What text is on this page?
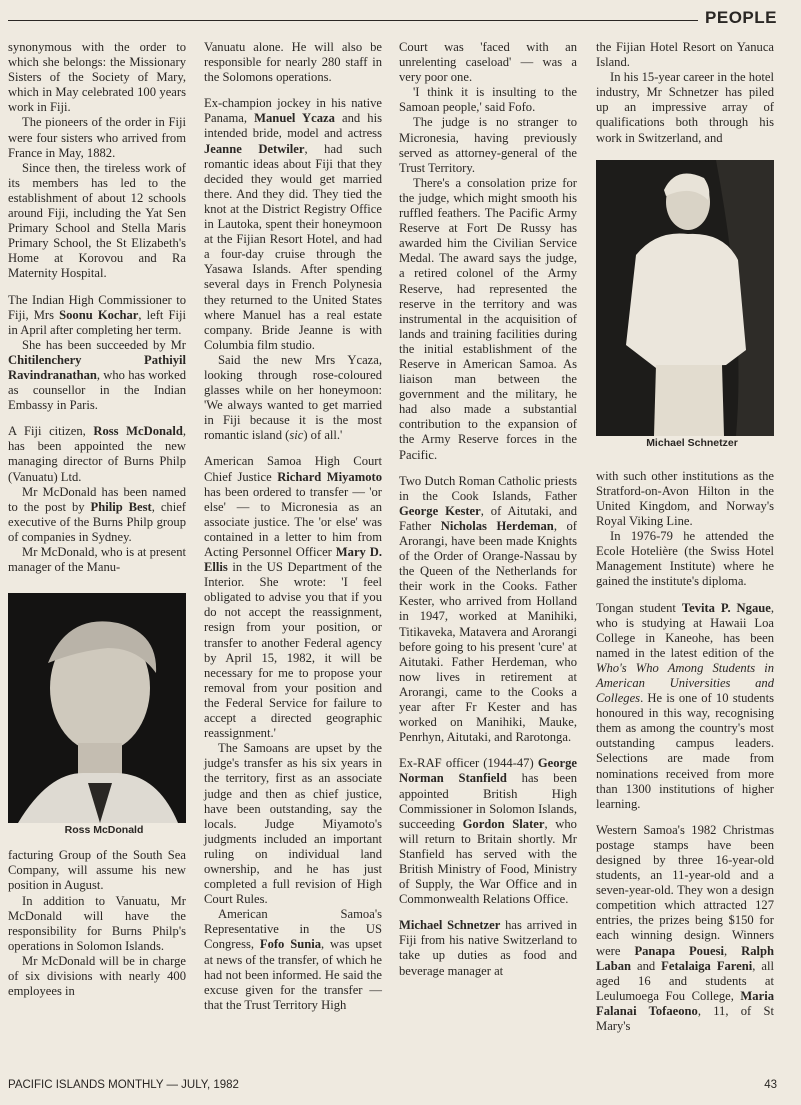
PEOPLE

synonymous with the order to which she belongs: the Missionary Sisters of the Society of Mary, which in May celebrated 100 years work in Fiji.

The pioneers of the order in Fiji were four sisters who arrived from France in May, 1882.

Since then, the tireless work of its members has led to the establishment of about 12 schools around Fiji, including the Yat Sen Primary School and Stella Maris Primary School, the St Elizabeth's Home at Korovou and Ra Maternity Hospital.

The Indian High Commissioner to Fiji, Mrs Soonu Kochar, left Fiji in April after completing her term.

She has been succeeded by Mr Chitilenchery Pathiyil Ravindranathan, who has worked as counsellor in the Indian Embassy in Paris.

A Fiji citizen, Ross McDonald, has been appointed the new managing director of Burns Philp (Vanuatu) Ltd.

Mr McDonald has been named to the post by Philip Best, chief executive of the Burns Philp group of companies in Sydney.

Mr McDonald, who is at present manager of the Manu-

Ross McDonald

facturing Group of the South Sea Company, will assume his new position in August.

In addition to Vanuatu, Mr McDonald will have the responsibility for Burns Philp's operations in Solomon Islands.

Mr McDonald will be in charge of six divisions with nearly 400 employees in

Vanuatu alone. He will also be responsible for nearly 280 staff in the Solomons operations.

Ex-champion jockey in his native Panama, Manuel Ycaza and his intended bride, model and actress Jeanne Detwiler, had such romantic ideas about Fiji that they decided they would get married there. And they did. They tied the knot at the District Registry Office in Lautoka, spent their honeymoon at the Fijian Resort Hotel, and had a four-day cruise through the Yasawa Islands. After spending several days in French Polynesia they returned to the United States where Manuel has a real estate company. Bride Jeanne is with Columbia film studio.

Said the new Mrs Ycaza, looking through rose-coloured glasses while on her honeymoon: 'We always wanted to get married in Fiji because it is the most romantic island (sic) of all.'

American Samoa High Court Chief Justice Richard Miyamoto has been ordered to transfer — 'or else' — to Micronesia as an associate justice. The 'or else' was contained in a letter to him from Acting Personnel Officer Mary D. Ellis in the US Department of the Interior. She wrote: 'I feel obligated to advise you that if you do not accept the reassignment, resign from your position, or transfer to another Federal agency by April 15, 1982, it will be necessary for me to propose your removal from your position and the Federal Service for failure to accept a directed geographic reassignment.'

The Samoans are upset by the judge's transfer as his six years in the territory, first as an associate judge and then as chief justice, have been outstanding, say the locals. Judge Miyamoto's judgments included an important ruling on individual land ownership, and he has just completed a full revision of High Court Rules.

American Samoa's Representative in the US Congress, Fofo Sunia, was upset at news of the transfer, of which he had not been informed. He said the excuse given for the transfer — that the Trust Territory High

Court was 'faced with an unrelenting caseload' — was a very poor one.

'I think it is insulting to the Samoan people,' said Fofo.

The judge is no stranger to Micronesia, having previously served as attorney-general of the Trust Territory.

There's a consolation prize for the judge, which might smooth his ruffled feathers. The Pacific Army Reserve at Fort De Russy has awarded him the Civilian Service Medal. The award says the judge, a retired colonel of the Army Reserve, had represented the reserve in the territory and was instrumental in the acquisition of lands and training facilities during the initial establishment of the Reserve in American Samoa. As liaison man between the government and the military, he had also made a substantial contribution to the expansion of the Army Reserve forces in the Pacific.

Two Dutch Roman Catholic priests in the Cook Islands, Father George Kester, of Aitutaki, and Father Nicholas Herdeman, of Arorangi, have been made Knights of the Order of Orange-Nassau by the Queen of the Netherlands for their work in the Cooks. Father Kester, who arrived from Holland in 1947, worked at Manihiki, Titikaveka, Matavera and Arorangi before going to his present 'cure' at Aitutaki. Father Herdeman, who now lives in retirement at Arorangi, came to the Cooks a year after Fr Kester and has worked on Manihiki, Mauke, Penrhyn, Aitutaki, and Rarotonga.

Ex-RAF officer (1944-47) George Norman Stanfield has been appointed British High Commissioner in Solomon Islands, succeeding Gordon Slater, who will return to Britain shortly. Mr Stanfield has served with the British Ministry of Food, Ministry of Supply, the War Office and in Commonwealth Relations Office.

Michael Schnetzer has arrived in Fiji from his native Switzerland to take up duties as food and beverage manager at

the Fijian Hotel Resort on Yanuca Island.

In his 15-year career in the hotel industry, Mr Schnetzer has piled up an impressive array of qualifications both through his work in Switzerland, and

Michael Schnetzer

with such other institutions as the Stratford-on-Avon Hilton in the United Kingdom, and Norway's Royal Viking Line.

In 1976-79 he attended the Ecole Hotelière (the Swiss Hotel Management Institute) where he gained the institute's diploma.

Tongan student Tevita P. Ngaue, who is studying at Hawaii Loa College in Kaneohe, has been named in the latest edition of the Who's Who Among Students in American Universities and Colleges. He is one of 10 students honoured in this way, recognising them as among the country's most outstanding campus leaders. Selections are made from nominations received from more than 1300 institutions of higher learning.

Western Samoa's 1982 Christmas postage stamps have been designed by three 16-year-old students, an 11-year-old and a seven-year-old. They won a design competition which attracted 127 entries, the prizes being $150 for each winning design. Winners were Panapa Pouesi, Ralph Laban and Fetalaiga Fareni, all aged 16 and students at Leulumoega Fou College, Maria Falanai Tofaeono, 11, of St Mary's

PACIFIC ISLANDS MONTHLY — JULY, 1982	43
